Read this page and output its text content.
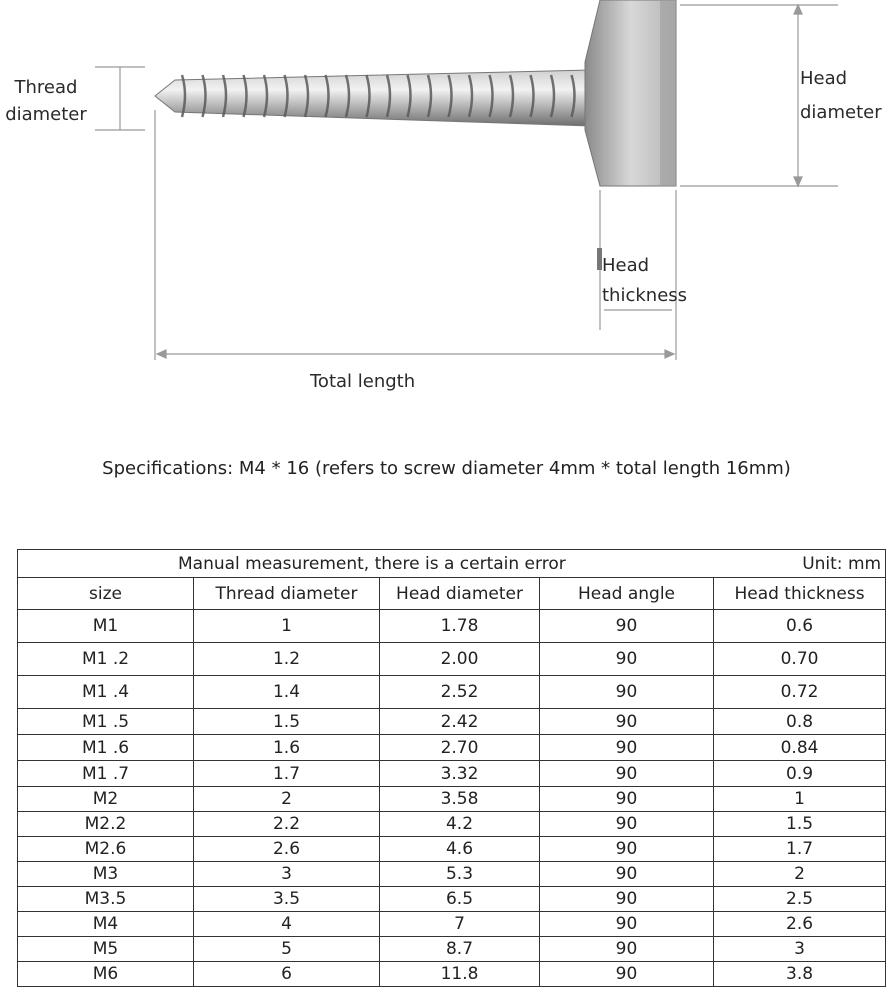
Thread
diameter
Head
diameter
Head
thickness
Total length
Specifications: M4 * 16 (refers to screw diameter 4mm * total length 16mm)
Manual measurement, there is a certain error Unit: mm				

size	Thread diameter	Head diameter	Head angle	Head thickness
M1	1	1.78	90	0.6
M1 .2	1.2	2.00	90	0.70
M1 .4	1.4	2.52	90	0.72
M1 .5	1.5	2.42	90	0.8
M1 .6	1.6	2.70	90	0.84
M1 .7	1.7	3.32	90	0.9
M2	2	3.58	90	1
M2.2	2.2	4.2	90	1.5
M2.6	2.6	4.6	90	1.7
M3	3	5.3	90	2
M3.5	3.5	6.5	90	2.5
M4	4	7	90	2.6
M5	5	8.7	90	3
M6	6	11.8	90	3.8
